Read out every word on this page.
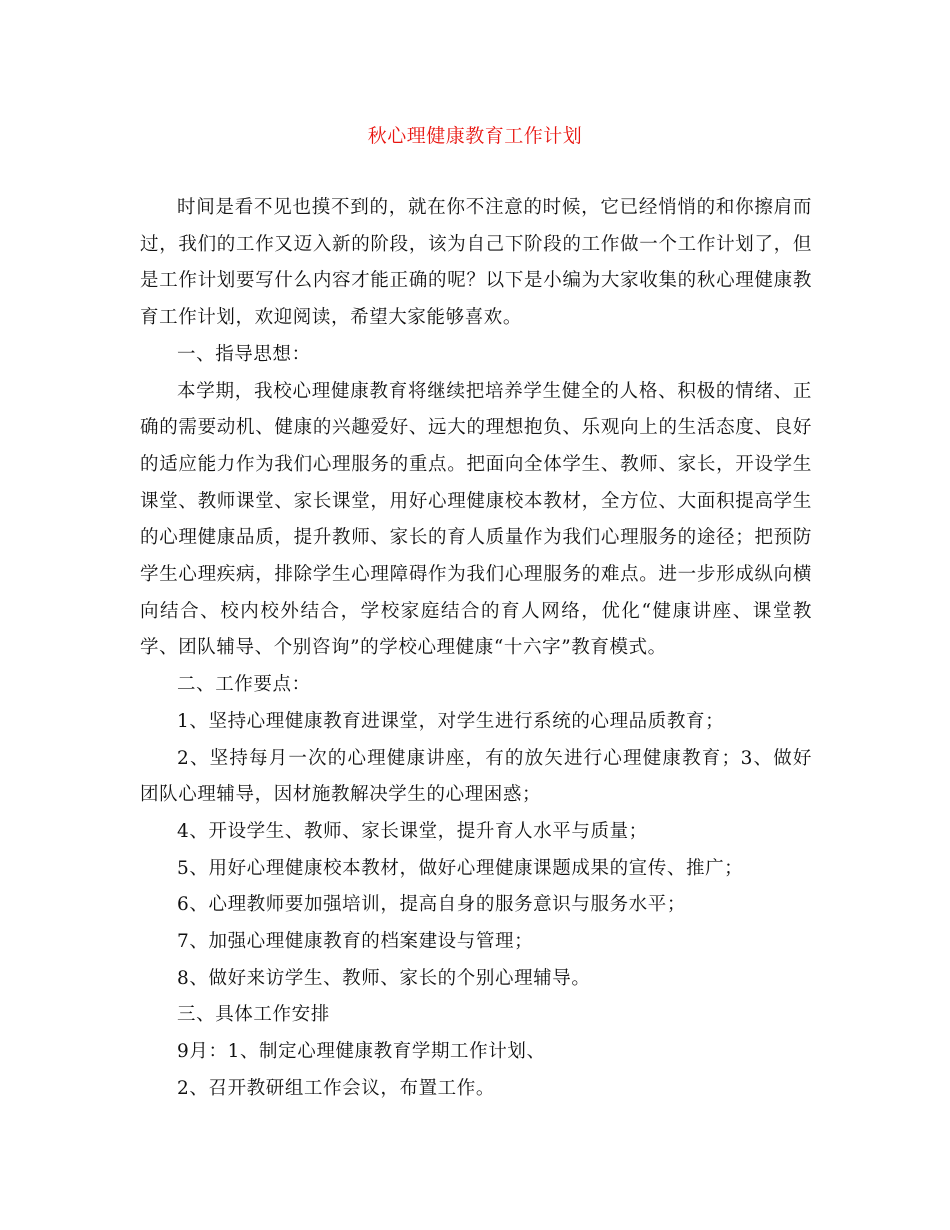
秋心理健康教育工作计划

时间是看不见也摸不到的，就在你不注意的时候，它已经悄悄的和你擦肩而过，我们的工作又迈入新的阶段，该为自己下阶段的工作做一个工作计划了，但是工作计划要写什么内容才能正确的呢？以下是小编为大家收集的秋心理健康教育工作计划，欢迎阅读，希望大家能够喜欢。

一、指导思想：

本学期，我校心理健康教育将继续把培养学生健全的人格、积极的情绪、正确的需要动机、健康的兴趣爱好、远大的理想抱负、乐观向上的生活态度、良好的适应能力作为我们心理服务的重点。把面向全体学生、教师、家长，开设学生课堂、教师课堂、家长课堂，用好心理健康校本教材，全方位、大面积提高学生的心理健康品质，提升教师、家长的育人质量作为我们心理服务的途径；把预防学生心理疾病，排除学生心理障碍作为我们心理服务的难点。进一步形成纵向横向结合、校内校外结合，学校家庭结合的育人网络，优化“健康讲座、课堂教学、团队辅导、个别咨询”的学校心理健康“十六字”教育模式。

二、工作要点：

1、坚持心理健康教育进课堂，对学生进行系统的心理品质教育；

2、坚持每月一次的心理健康讲座，有的放矢进行心理健康教育；3、做好团队心理辅导，因材施教解决学生的心理困惑；

4、开设学生、教师、家长课堂，提升育人水平与质量；

5、用好心理健康校本教材，做好心理健康课题成果的宣传、推广；

6、心理教师要加强培训，提高自身的服务意识与服务水平；

7、加强心理健康教育的档案建设与管理；

8、做好来访学生、教师、家长的个别心理辅导。

三、具体工作安排

9月：1、制定心理健康教育学期工作计划、

2、召开教研组工作会议，布置工作。
